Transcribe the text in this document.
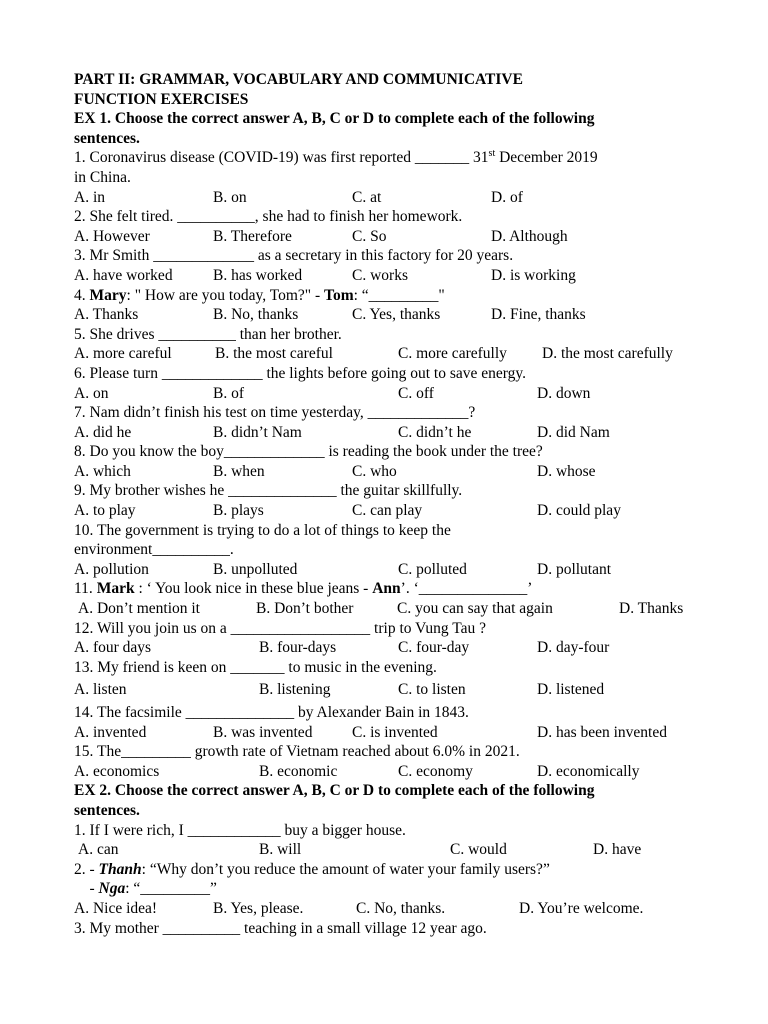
PART II: GRAMMAR, VOCABULARY AND COMMUNICATIVE
FUNCTION EXERCISES
EX 1. Choose the correct answer A, B, C or D to complete each of the following
sentences.
1. Coronavirus disease (COVID-19) was first reported _______ 31st December 2019
in China.
A. in	B. on	C. at	D. of
2. She felt tired. __________, she had to finish her homework.
A. However	B. Therefore	C. So	D. Although
3. Mr Smith _____________ as a secretary in this factory for 20 years.
A. have worked	B. has worked	C. works	D. is working
4. Mary: " How are you today, Tom?" - Tom: “_________"
A. Thanks	B. No, thanks	C. Yes, thanks	D. Fine, thanks
5. She drives __________ than her brother.
A. more careful	B. the most careful	C. more carefully D. the most carefully
6. Please turn _____________ the lights before going out to save energy.
A. on	B. of	C. off	D. down
7. Nam didn’t finish his test on time yesterday, _____________?
A. did he	B. didn’t Nam	C. didn’t he	D. did Nam
8. Do you know the boy_____________ is reading the book under the tree?
A. which	B. when	C. who	D. whose
9. My brother wishes he ______________ the guitar skillfully.
A. to play	B. plays	C. can play	D. could play
10. The government is trying to do a lot of things to keep the
environment__________.
A. pollution	B. unpolluted	C. polluted	D. pollutant
11. Mark : ‘ You look nice in these blue jeans - Ann’. ‘______________’
A. Don’t mention it	B. Don’t bother	C. you can say that again	D. Thanks
12. Will you join us on a __________________ trip to Vung Tau ?
A. four days	B. four-days	C. four-day	D. day-four
13. My friend is keen on _______ to music in the evening.
A. listen	B. listening	C. to listen	D. listened
14. The facsimile ______________ by Alexander Bain in 1843.
A. invented	B. was invented	C. is invented	D. has been invented
15. The_________ growth rate of Vietnam reached about 6.0% in 2021.
A. economics	B. economic	C. economy	D. economically
EX 2. Choose the correct answer A, B, C or D to complete each of the following
sentences.
1. If I were rich, I ____________ buy a bigger house.
A. can	B. will	C. would	D. have
2. - Thanh: “Why don’t you reduce the amount of water your family users?”
- Nga: “_________”
A. Nice idea!	B. Yes, please.	C. No, thanks.	D. You’re welcome.
3. My mother __________ teaching in a small village 12 year ago.
